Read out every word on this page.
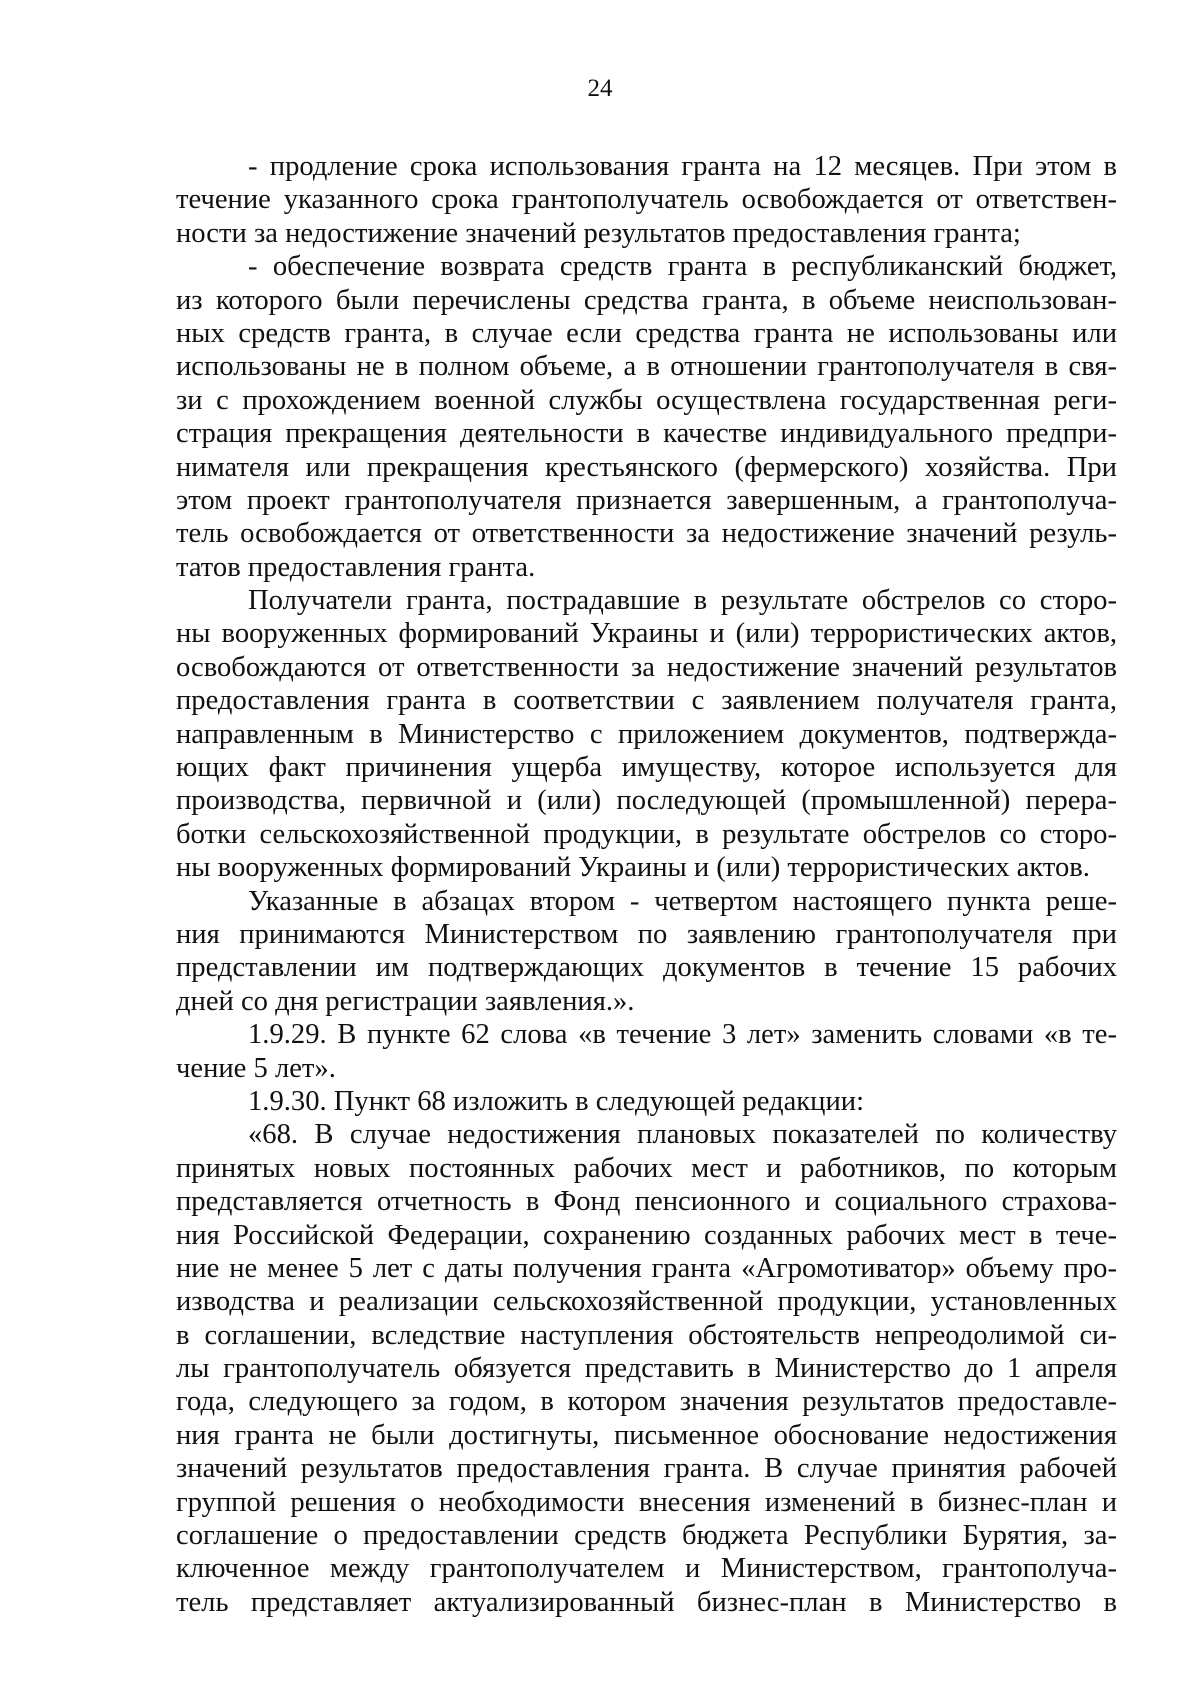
24
- продление срока использования гранта на 12 месяцев. При этом в
течение указанного срока грантополучатель освобождается от ответствен-
ности за недостижение значений результатов предоставления гранта;
- обеспечение возврата средств гранта в республиканский бюджет,
из которого были перечислены средства гранта, в объеме неиспользован-
ных средств гранта, в случае если средства гранта не использованы или
использованы не в полном объеме, а в отношении грантополучателя в свя-
зи с прохождением военной службы осуществлена государственная реги-
страция прекращения деятельности в качестве индивидуального предпри-
нимателя или прекращения крестьянского (фермерского) хозяйства. При
этом проект грантополучателя признается завершенным, а грантополуча-
тель освобождается от ответственности за недостижение значений резуль-
татов предоставления гранта.
Получатели гранта, пострадавшие в результате обстрелов со сторо-
ны вооруженных формирований Украины и (или) террористических актов,
освобождаются от ответственности за недостижение значений результатов
предоставления гранта в соответствии с заявлением получателя гранта,
направленным в Министерство с приложением документов, подтвержда-
ющих факт причинения ущерба имуществу, которое используется для
производства, первичной и (или) последующей (промышленной) перера-
ботки сельскохозяйственной продукции, в результате обстрелов со сторо-
ны вооруженных формирований Украины и (или) террористических актов.
Указанные в абзацах втором - четвертом настоящего пункта реше-
ния принимаются Министерством по заявлению грантополучателя при
представлении им подтверждающих документов в течение 15 рабочих
дней со дня регистрации заявления.».
1.9.29. В пункте 62 слова «в течение 3 лет» заменить словами «в те-
чение 5 лет».
1.9.30. Пункт 68 изложить в следующей редакции:
«68. В случае недостижения плановых показателей по количеству
принятых новых постоянных рабочих мест и работников, по которым
представляется отчетность в Фонд пенсионного и социального страхова-
ния Российской Федерации, сохранению созданных рабочих мест в тече-
ние не менее 5 лет с даты получения гранта «Агромотиватор» объему про-
изводства и реализации сельскохозяйственной продукции, установленных
в соглашении, вследствие наступления обстоятельств непреодолимой си-
лы грантополучатель обязуется представить в Министерство до 1 апреля
года, следующего за годом, в котором значения результатов предоставле-
ния гранта не были достигнуты, письменное обоснование недостижения
значений результатов предоставления гранта. В случае принятия рабочей
группой решения о необходимости внесения изменений в бизнес-план и
соглашение о предоставлении средств бюджета Республики Бурятия, за-
ключенное между грантополучателем и Министерством, грантополуча-
тель представляет актуализированный бизнес-план в Министерство в
